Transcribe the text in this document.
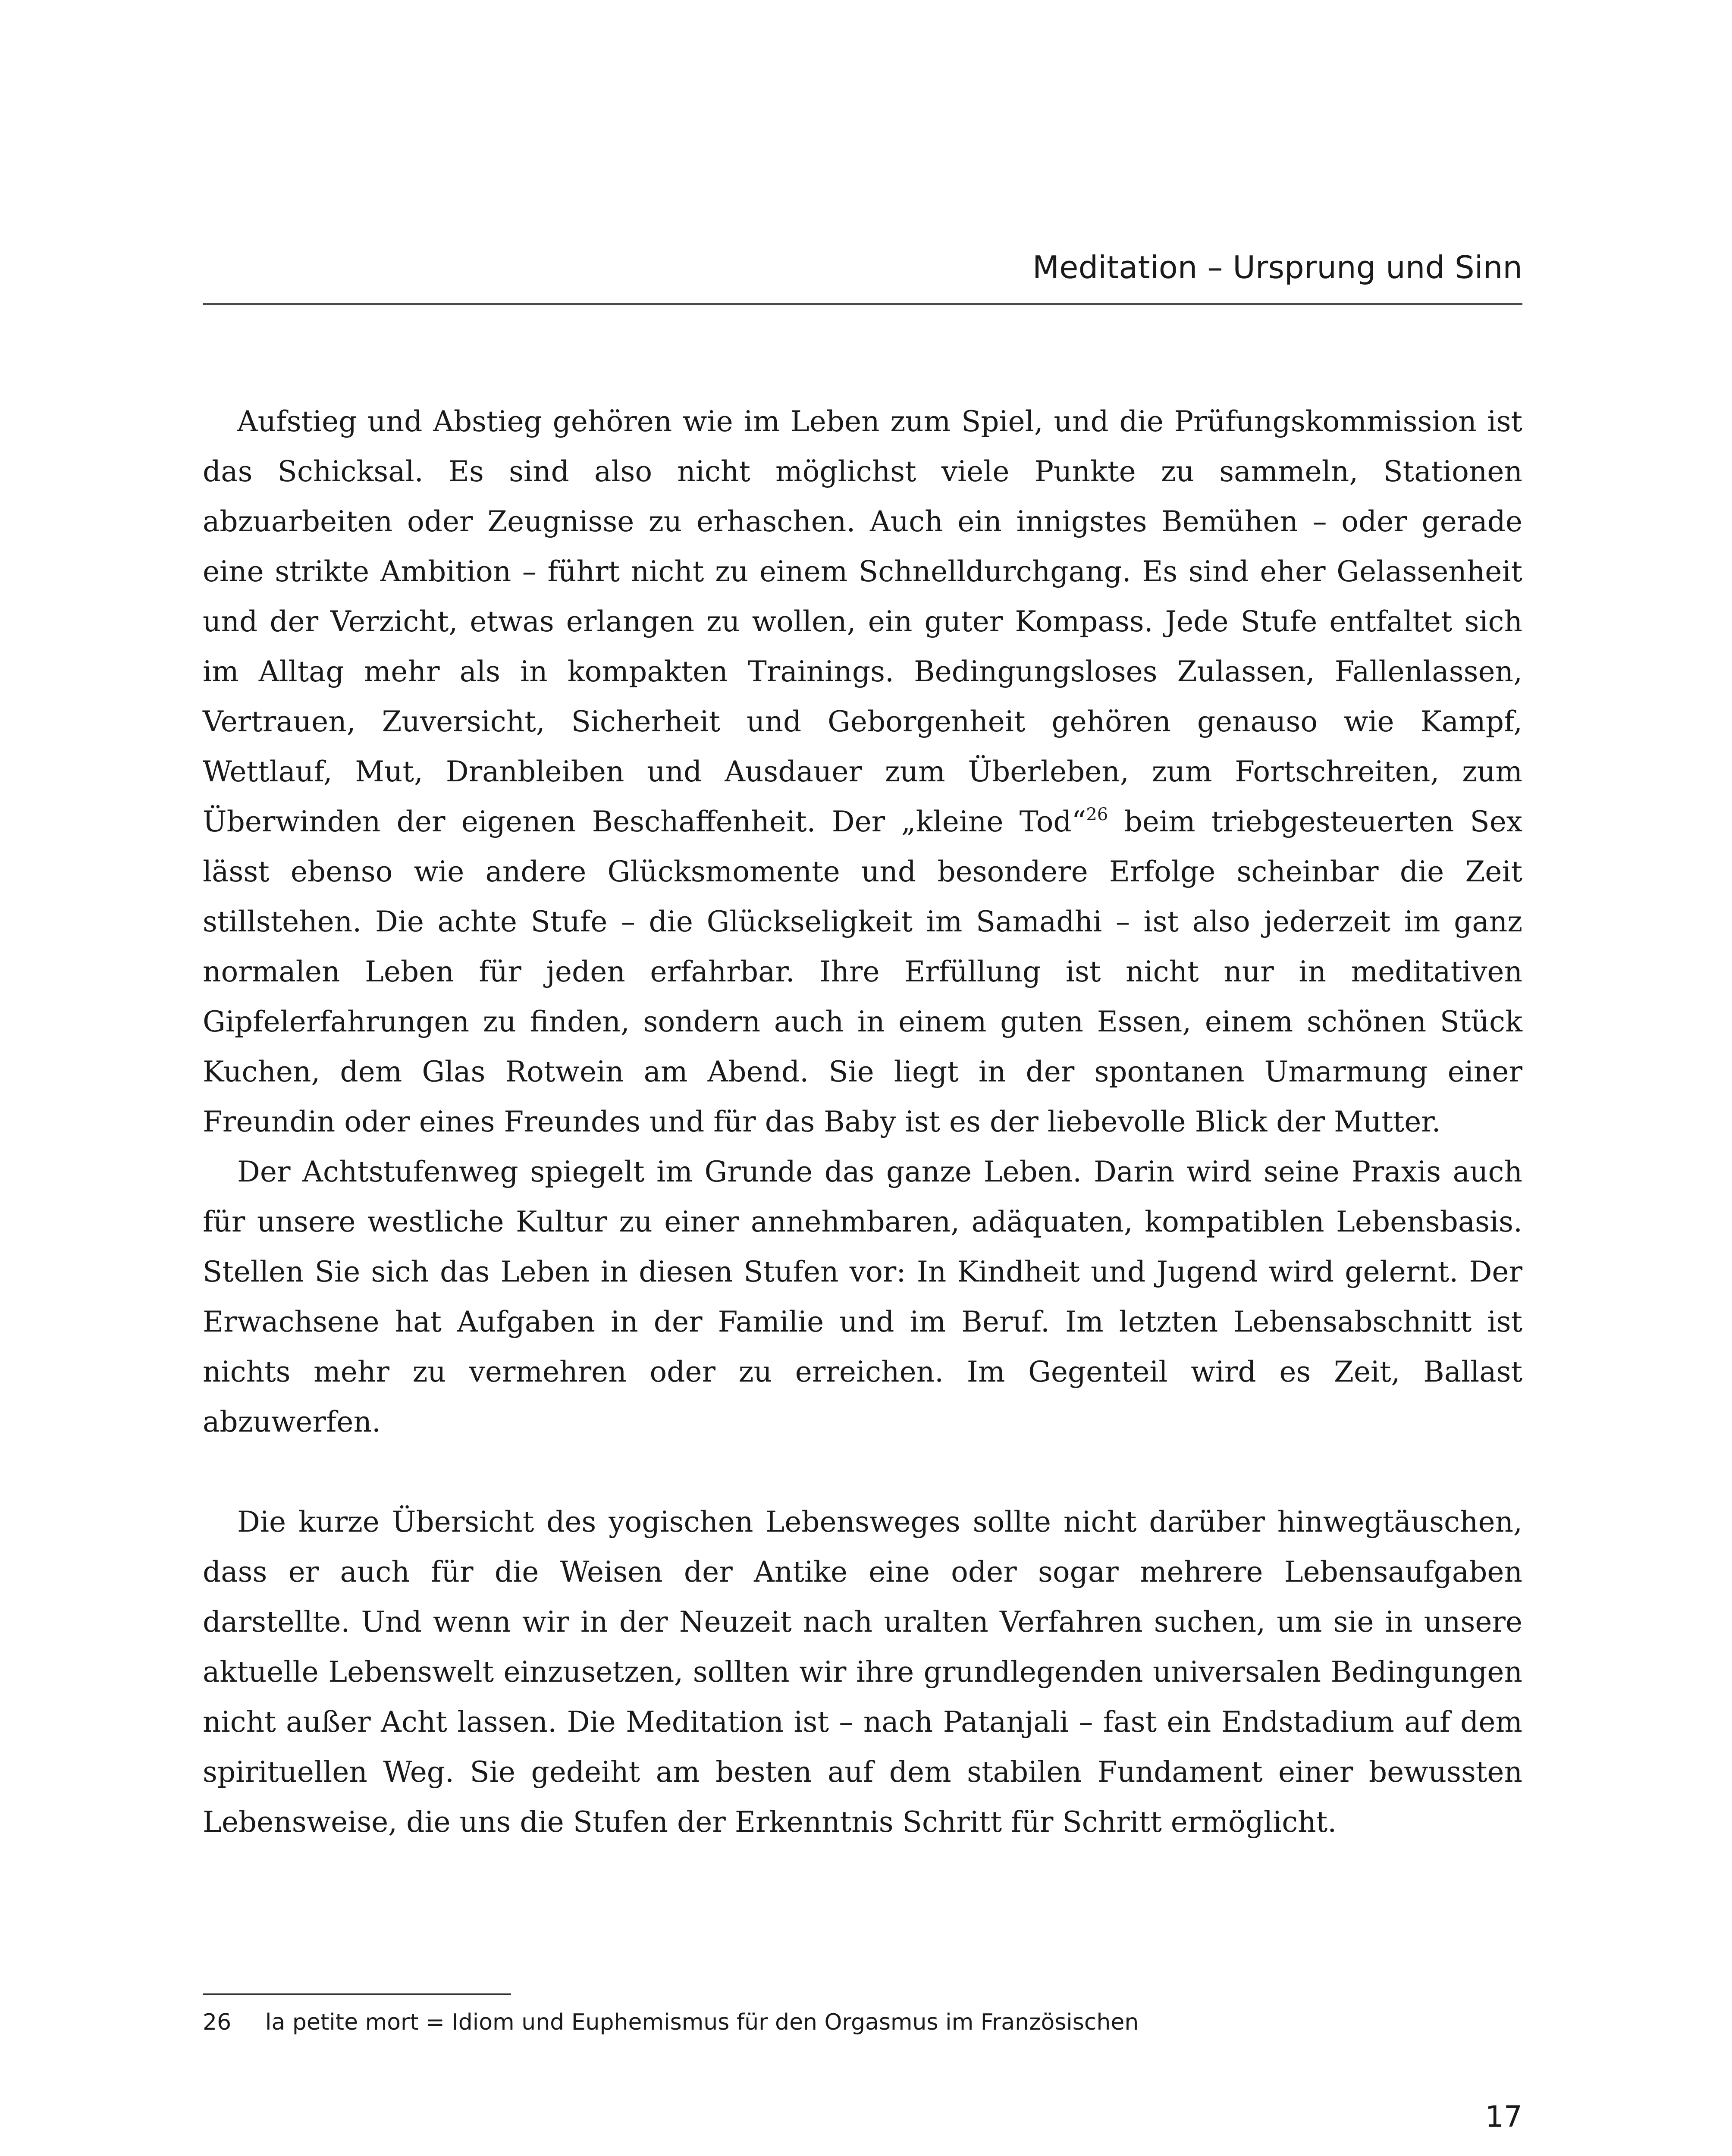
Meditation – Ursprung und Sinn

Aufstieg und Abstieg gehören wie im Leben zum Spiel, und die Prüfungskommission ist das Schicksal. Es sind also nicht möglichst viele Punkte zu sammeln, Stationen abzuarbeiten oder Zeugnisse zu erhaschen. Auch ein innigstes Bemühen – oder gerade eine strikte Ambition – führt nicht zu einem Schnelldurchgang. Es sind eher Gelassenheit und der Verzicht, etwas erlangen zu wollen, ein guter Kompass. Jede Stufe entfaltet sich im Alltag mehr als in kompakten Trainings. Bedingungsloses Zulassen, Fallenlassen, Vertrauen, Zuversicht, Sicherheit und Geborgenheit gehören genauso wie Kampf, Wettlauf, Mut, Dranbleiben und Ausdauer zum Überleben, zum Fortschreiten, zum Überwinden der eigenen Beschaffenheit. Der „kleine Tod“$^{26}$ beim triebgesteuerten Sex lässt ebenso wie andere Glücksmomente und besondere Erfolge scheinbar die Zeit stillstehen. Die achte Stufe – die Glückseligkeit im Samadhi – ist also jederzeit im ganz normalen Leben für jeden erfahrbar. Ihre Erfüllung ist nicht nur in meditativen Gipfelerfahrungen zu finden, sondern auch in einem guten Essen, einem schönen Stück Kuchen, dem Glas Rotwein am Abend. Sie liegt in der spontanen Umarmung einer Freundin oder eines Freundes und für das Baby ist es der liebevolle Blick der Mutter.

Der Achtstufenweg spiegelt im Grunde das ganze Leben. Darin wird seine Praxis auch für unsere westliche Kultur zu einer annehmbaren, adäquaten, kompatiblen Lebensbasis. Stellen Sie sich das Leben in diesen Stufen vor: In Kindheit und Jugend wird gelernt. Der Erwachsene hat Aufgaben in der Familie und im Beruf. Im letzten Lebensabschnitt ist nichts mehr zu vermehren oder zu erreichen. Im Gegenteil wird es Zeit, Ballast abzuwerfen.

Die kurze Übersicht des yogischen Lebensweges sollte nicht darüber hinwegtäuschen, dass er auch für die Weisen der Antike eine oder sogar mehrere Lebensaufgaben darstellte. Und wenn wir in der Neuzeit nach uralten Verfahren suchen, um sie in unsere aktuelle Lebenswelt einzusetzen, sollten wir ihre grundlegenden universalen Bedingungen nicht außer Acht lassen. Die Meditation ist – nach Patanjali – fast ein Endstadium auf dem spirituellen Weg. Sie gedeiht am besten auf dem stabilen Fundament einer bewussten Lebensweise, die uns die Stufen der Erkenntnis Schritt für Schritt ermöglicht.

26 la petite mort = Idiom und Euphemismus für den Orgasmus im Französischen
17
